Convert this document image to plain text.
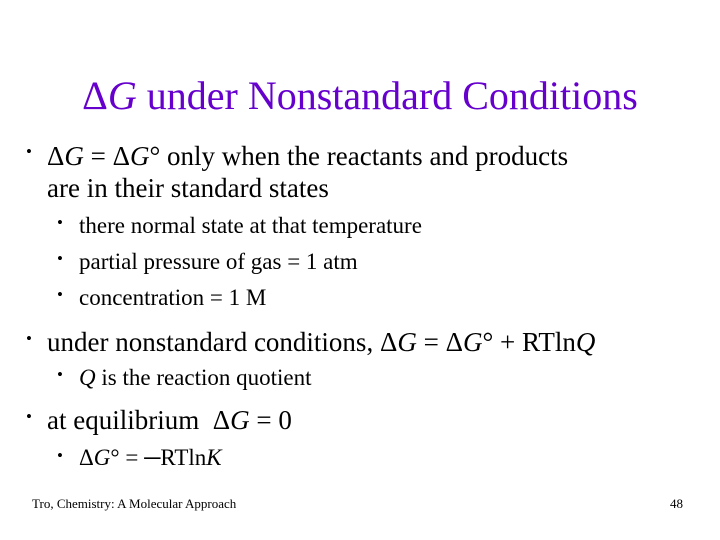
ΔG under Nonstandard Conditions
• ΔG = ΔG° only when the reactants and products
are in their standard states
• there normal state at that temperature
• partial pressure of gas = 1 atm
• concentration = 1 M
• under nonstandard conditions, ΔG = ΔG° + RTlnQ
• Q is the reaction quotient
• at equilibrium  ΔG = 0
• ΔG° = ─RTlnK
Tro, Chemistry: A Molecular Approach	48
